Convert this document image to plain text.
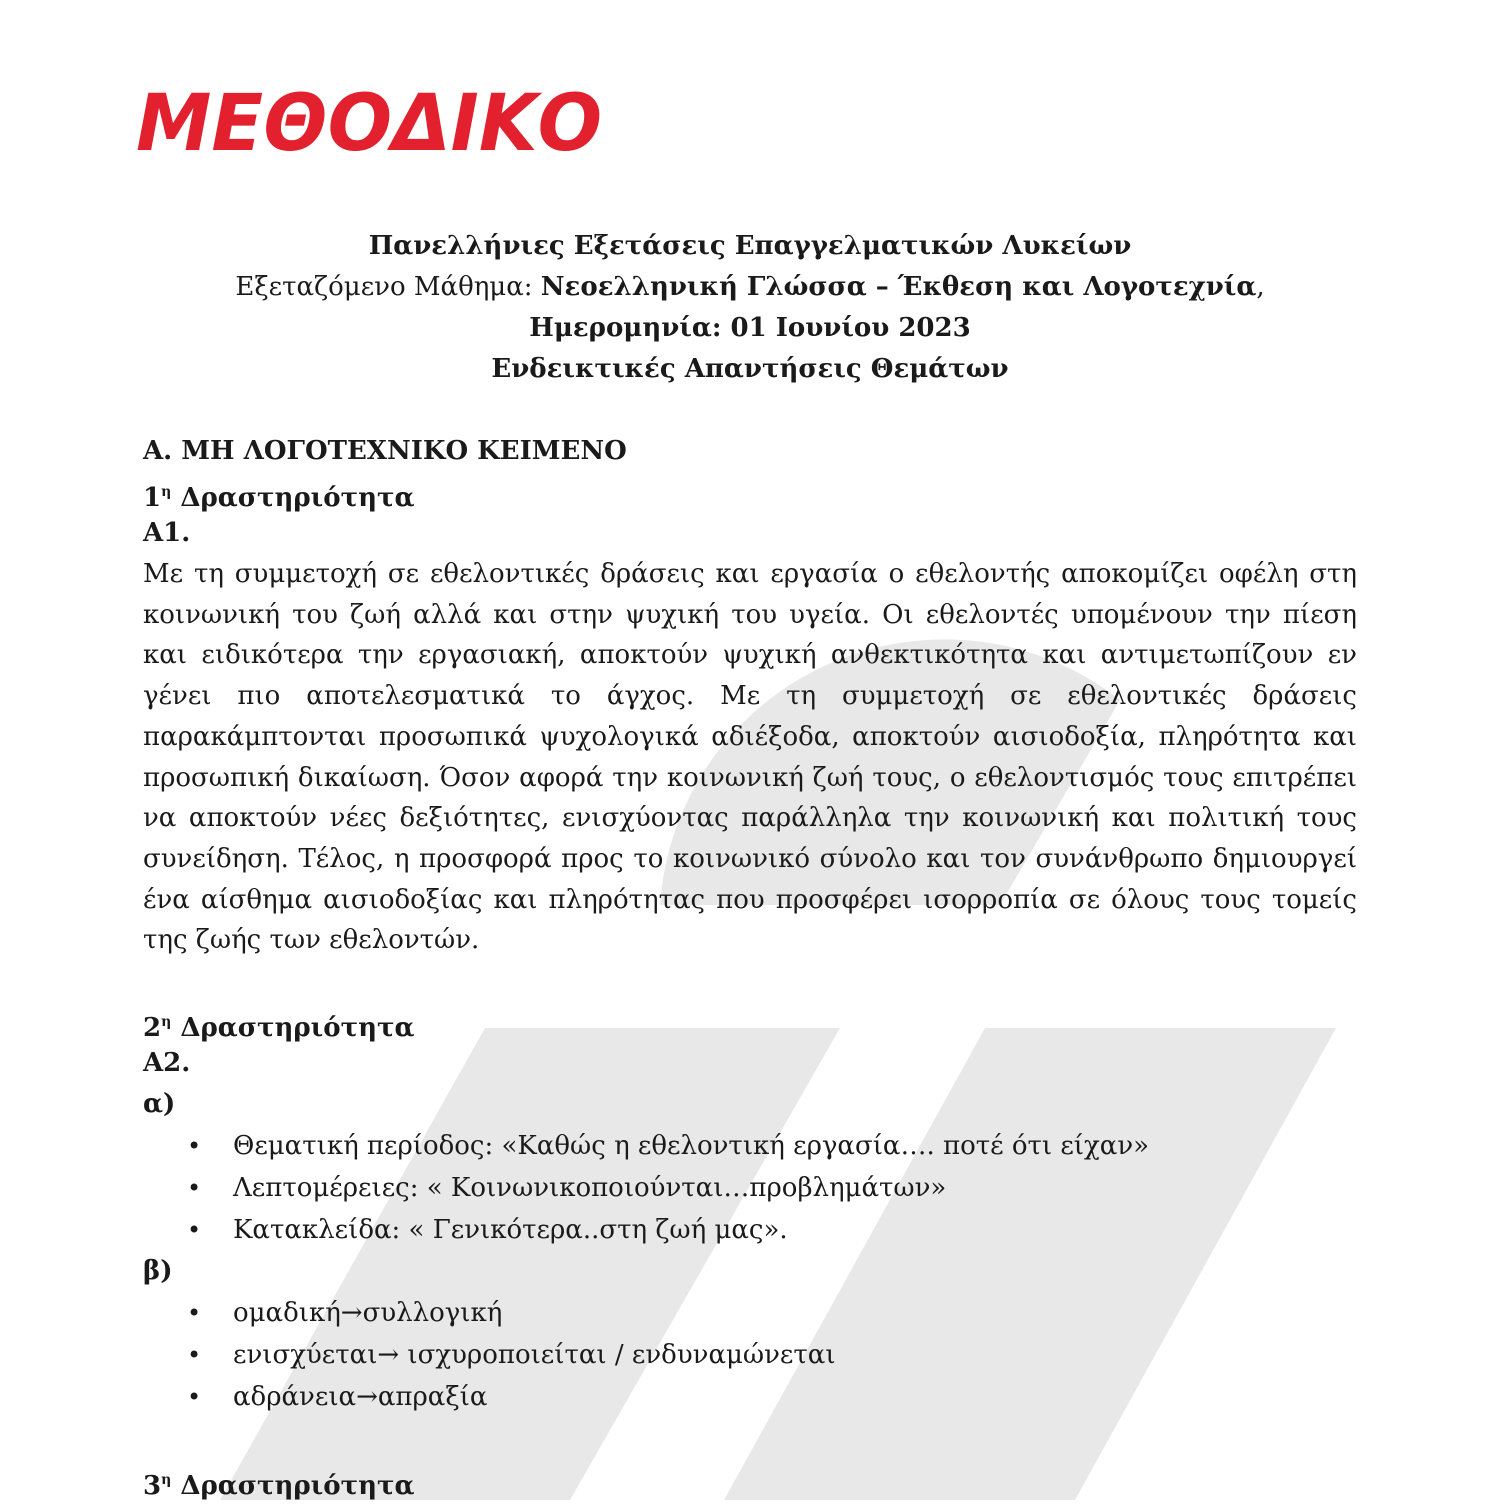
ΜΕΘΟΔΙΚΟ
Πανελλήνιες Εξετάσεις Επαγγελματικών Λυκείων
Εξεταζόμενο Μάθημα: Νεοελληνική Γλώσσα – Έκθεση και Λογοτεχνία,
Ημερομηνία: 01 Ιουνίου 2023
Ενδεικτικές Απαντήσεις Θεμάτων
Α. ΜΗ ΛΟΓΟΤΕΧΝΙΚΟ ΚΕΙΜΕΝΟ
$1^\eta$ Δραστηριότητα
Α1.

Με τη συμμετοχή σε εθελοντικές δράσεις και εργασία ο εθελοντής αποκομίζει οφέλη στη κοινωνική του ζωή αλλά και στην ψυχική του υγεία. Οι εθελοντές υπομένουν την πίεση και ειδικότερα την εργασιακή, αποκτούν ψυχική ανθεκτικότητα και αντιμετωπίζουν εν γένει πιο αποτελεσματικά το άγχος. Με τη συμμετοχή σε εθελοντικές δράσεις παρακάμπτονται προσωπικά ψυχολογικά αδιέξοδα, αποκτούν αισιοδοξία, πληρότητα και προσωπική δικαίωση. Όσον αφορά την κοινωνική ζωή τους, ο εθελοντισμός τους επιτρέπει να αποκτούν νέες δεξιότητες, ενισχύοντας παράλληλα την κοινωνική και πολιτική τους συνείδηση. Τέλος, η προσφορά προς το κοινωνικό σύνολο και τον συνάνθρωπο δημιουργεί ένα αίσθημα αισιοδοξίας και πληρότητας που προσφέρει ισορροπία σε όλους τους τομείς της ζωής των εθελοντών.

$2^\eta$ Δραστηριότητα
Α2.
α)
• Θεματική περίοδος: «Καθώς η εθελοντική εργασία…. ποτέ ότι είχαν»
• Λεπτομέρειες: « Κοινωνικοποιούνται…προβλημάτων»
• Κατακλείδα: « Γενικότερα..στη ζωή μας».
β)
• ομαδική→συλλογική
• ενισχύεται→ ισχυροποιείται / ενδυναμώνεται
• αδράνεια→απραξία
$3^\eta$ Δραστηριότητα
